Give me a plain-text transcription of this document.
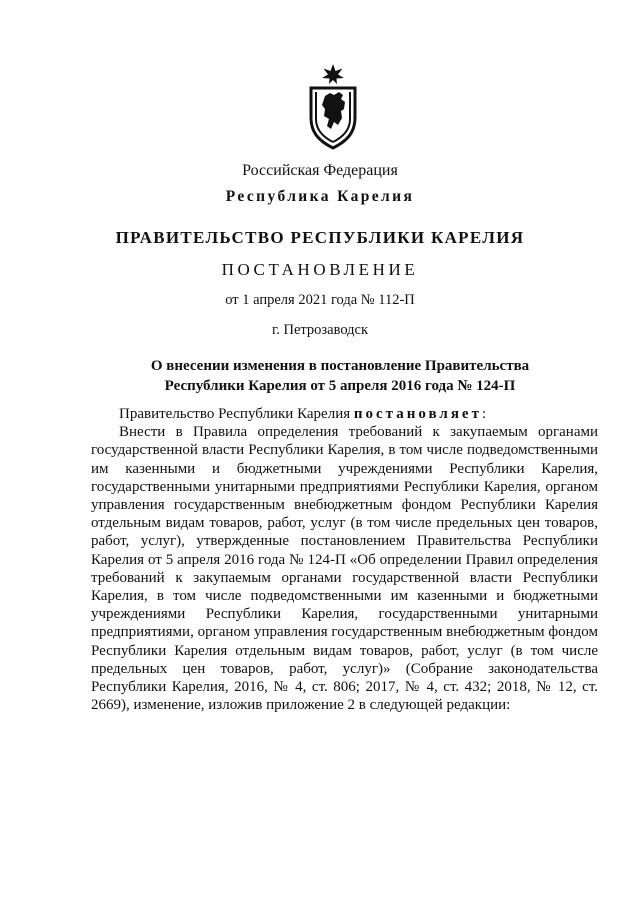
Российская Федерация
Республика Карелия
ПРАВИТЕЛЬСТВО РЕСПУБЛИКИ КАРЕЛИЯ
ПОСТАНОВЛЕНИЕ
от 1 апреля 2021 года № 112-П
г. Петрозаводск
О внесении изменения в постановление Правительства
Республики Карелия от 5 апреля 2016 года № 124-П

Правительство Республики Карелия постановляет:

Внести в Правила определения требований к закупаемым органами государственной власти Республики Карелия, в том числе подведомственными им казенными и бюджетными учреждениями Республики Карелия, государственными унитарными предприятиями Республики Карелия, органом управления государственным внебюджетным фондом Республики Карелия отдельным видам товаров, работ, услуг (в том числе предельных цен товаров, работ, услуг), утвержденные постановлением Правительства Республики Карелия от 5 апреля 2016 года № 124-П «Об определении Правил определения требований к закупаемым органами государственной власти Республики Карелия, в том числе подведомственными им казенными и бюджетными учреждениями Республики Карелия, государственными унитарными предприятиями, органом управления государственным внебюджетным фондом Республики Карелия отдельным видам товаров, работ, услуг (в том числе предельных цен товаров, работ, услуг)» (Собрание законодательства Республики Карелия, 2016, № 4, ст. 806; 2017, № 4, ст. 432; 2018, № 12, ст. 2669), изменение, изложив приложение 2 в следующей редакции:
